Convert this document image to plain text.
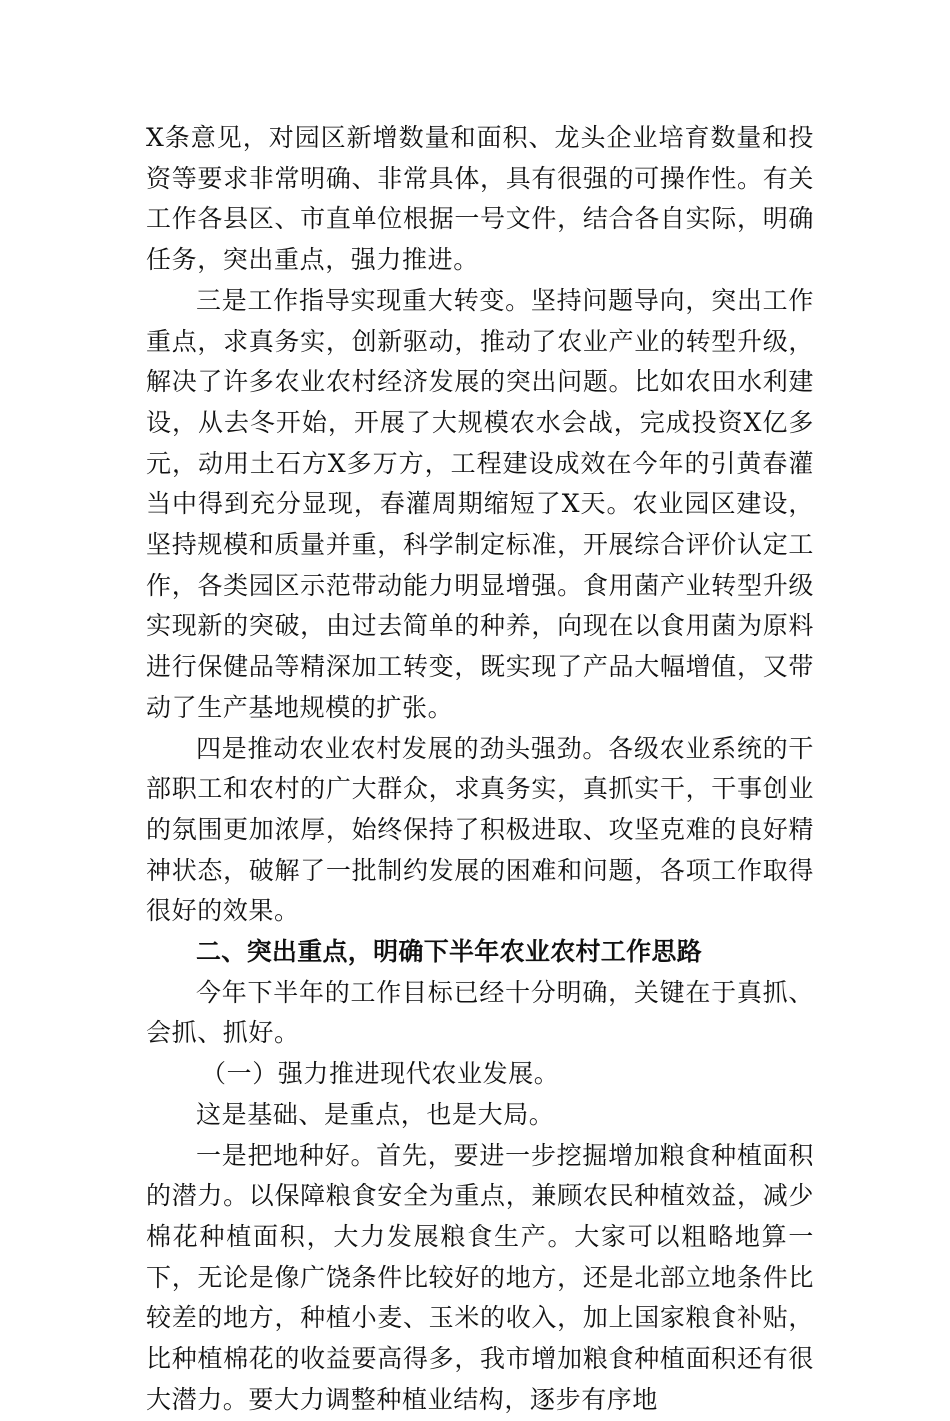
X条意见，对园区新增数量和面积、龙头企业培育数量和投资等要求非常明确、非常具体，具有很强的可操作性。有关工作各县区、市直单位根据一号文件，结合各自实际，明确任务，突出重点，强力推进。

三是工作指导实现重大转变。坚持问题导向，突出工作重点，求真务实，创新驱动，推动了农业产业的转型升级，解决了许多农业农村经济发展的突出问题。比如农田水利建设，从去冬开始，开展了大规模农水会战，完成投资X亿多元，动用土石方X多万方，工程建设成效在今年的引黄春灌当中得到充分显现，春灌周期缩短了X天。农业园区建设，坚持规模和质量并重，科学制定标准，开展综合评价认定工作，各类园区示范带动能力明显增强。食用菌产业转型升级实现新的突破，由过去简单的种养，向现在以食用菌为原料进行保健品等精深加工转变，既实现了产品大幅增值，又带动了生产基地规模的扩张。

四是推动农业农村发展的劲头强劲。各级农业系统的干部职工和农村的广大群众，求真务实，真抓实干，干事创业的氛围更加浓厚，始终保持了积极进取、攻坚克难的良好精神状态，破解了一批制约发展的困难和问题，各项工作取得很好的效果。

二、突出重点，明确下半年农业农村工作思路

今年下半年的工作目标已经十分明确，关键在于真抓、会抓、抓好。

（一）强力推进现代农业发展。

这是基础、是重点，也是大局。

一是把地种好。首先，要进一步挖掘增加粮食种植面积的潜力。以保障粮食安全为重点，兼顾农民种植效益，减少棉花种植面积，大力发展粮食生产。大家可以粗略地算一下，无论是像广饶条件比较好的地方，还是北部立地条件比较差的地方，种植小麦、玉米的收入，加上国家粮食补贴，比种植棉花的收益要高得多，我市增加粮食种植面积还有很大潜力。要大力调整种植业结构，逐步有序地
